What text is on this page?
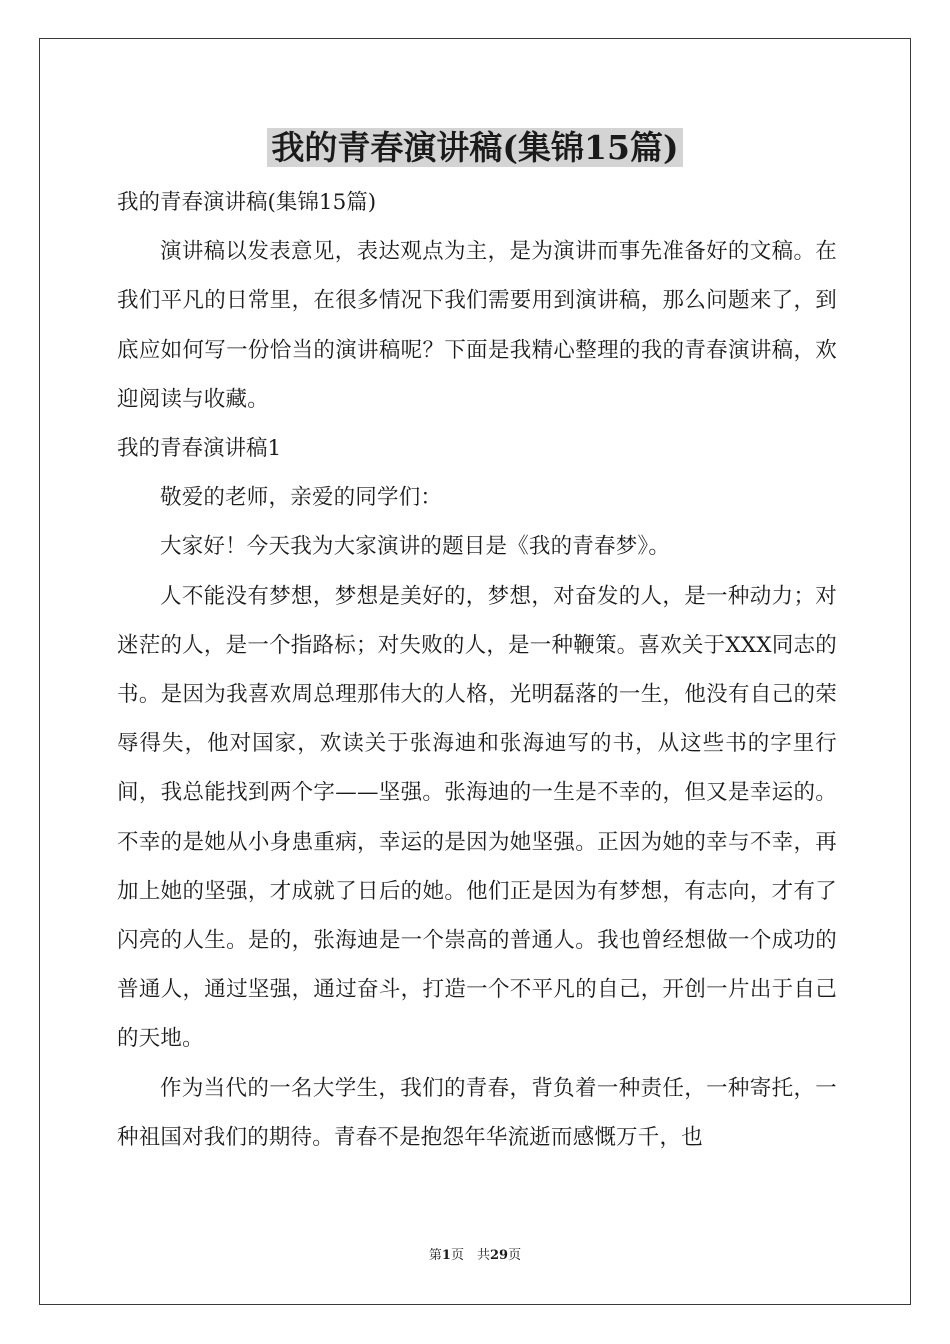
我的青春演讲稿(集锦15篇)
我的青春演讲稿(集锦15篇)

演讲稿以发表意见，表达观点为主，是为演讲而事先准备好的文稿。在我们平凡的日常里，在很多情况下我们需要用到演讲稿，那么问题来了，到底应如何写一份恰当的演讲稿呢？下面是我精心整理的我的青春演讲稿，欢迎阅读与收藏。

我的青春演讲稿1

敬爱的老师，亲爱的同学们：

大家好！今天我为大家演讲的题目是《我的青春梦》。

人不能没有梦想，梦想是美好的，梦想，对奋发的人，是一种动力；对迷茫的人，是一个指路标；对失败的人，是一种鞭策。喜欢关于XXX同志的书。是因为我喜欢周总理那伟大的人格，光明磊落的一生，他没有自己的荣辱得失，他对国家，欢读关于张海迪和张海迪写的书，从这些书的字里行间，我总能找到两个字——坚强。张海迪的一生是不幸的，但又是幸运的。不幸的是她从小身患重病，幸运的是因为她坚强。正因为她的幸与不幸，再加上她的坚强，才成就了日后的她。他们正是因为有梦想，有志向，才有了闪亮的人生。是的，张海迪是一个崇高的普通人。我也曾经想做一个成功的普通人，通过坚强，通过奋斗，打造一个不平凡的自己，开创一片出于自己的天地。

作为当代的一名大学生，我们的青春，背负着一种责任，一种寄托，一种祖国对我们的期待。青春不是抱怨年华流逝而感慨万千，也

第1页　共29页
